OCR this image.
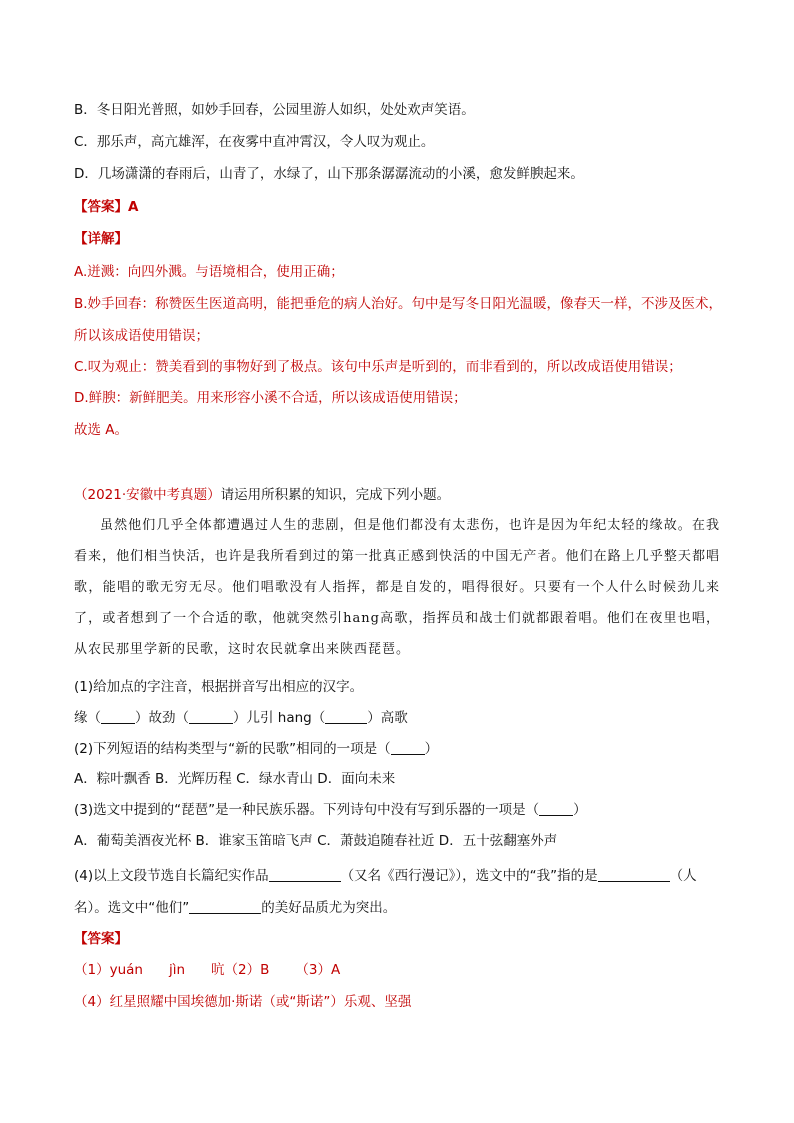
B．冬日阳光普照，如妙手回春，公园里游人如织，处处欢声笑语。
C．那乐声，高亢雄浑，在夜雾中直冲霄汉，令人叹为观止。
D．几场潇潇的春雨后，山青了，水绿了，山下那条潺潺流动的小溪，愈发鲜腴起来。
【答案】A
【详解】
A.迸溅：向四外溅。与语境相合，使用正确；
B.妙手回春：称赞医生医道高明，能把垂危的病人治好。句中是写冬日阳光温暖，像春天一样，不涉及医术，
所以该成语使用错误；
C.叹为观止：赞美看到的事物好到了极点。该句中乐声是听到的，而非看到的，所以改成语使用错误；
D.鲜腴：新鲜肥美。用来形容小溪不合适，所以该成语使用错误；
故选 A。
（2021·安徽中考真题）请运用所积累的知识，完成下列小题。
虽然他们几乎全体都遭遇过人生的悲剧，但是他们都没有太悲伤，也许是因为年纪太轻的缘故。在我看来，他们相当快活，也许是我所看到过的第一批真正感到快活的中国无产者。他们在路上几乎整天都唱歌，能唱的歌无穷无尽。他们唱歌没有人指挥，都是自发的，唱得很好。只要有一个人什么时候劲儿来了，或者想到了一个合适的歌，他就突然引hang高歌，指挥员和战士们就都跟着唱。他们在夜里也唱，从农民那里学新的民歌，这时农民就拿出来陕西琵琶。
(1)给加点的字注音，根据拼音写出相应的汉字。
缘（	）故劲（	）儿引 hang（	）高歌
(2)下列短语的结构类型与“新的民歌”相同的一项是（	）
A．粽叶飘香 B．光辉历程 C．绿水青山 D．面向未来
(3)选文中提到的“琵琶”是一种民族乐器。下列诗句中没有写到乐器的一项是（	）
A．葡萄美酒夜光杯 B．谁家玉笛暗飞声 C．萧鼓追随春社近 D．五十弦翻塞外声
(4)以上文段节选自长篇纪实作品	（又名《西行漫记》），选文中的“我”指的是	（人
名）。选文中“他们”	的美好品质尤为突出。
【答案】
（1）yuán jìn 吭（2）B （3）A
（4）红星照耀中国埃德加·斯诺（或“斯诺”）乐观、坚强
